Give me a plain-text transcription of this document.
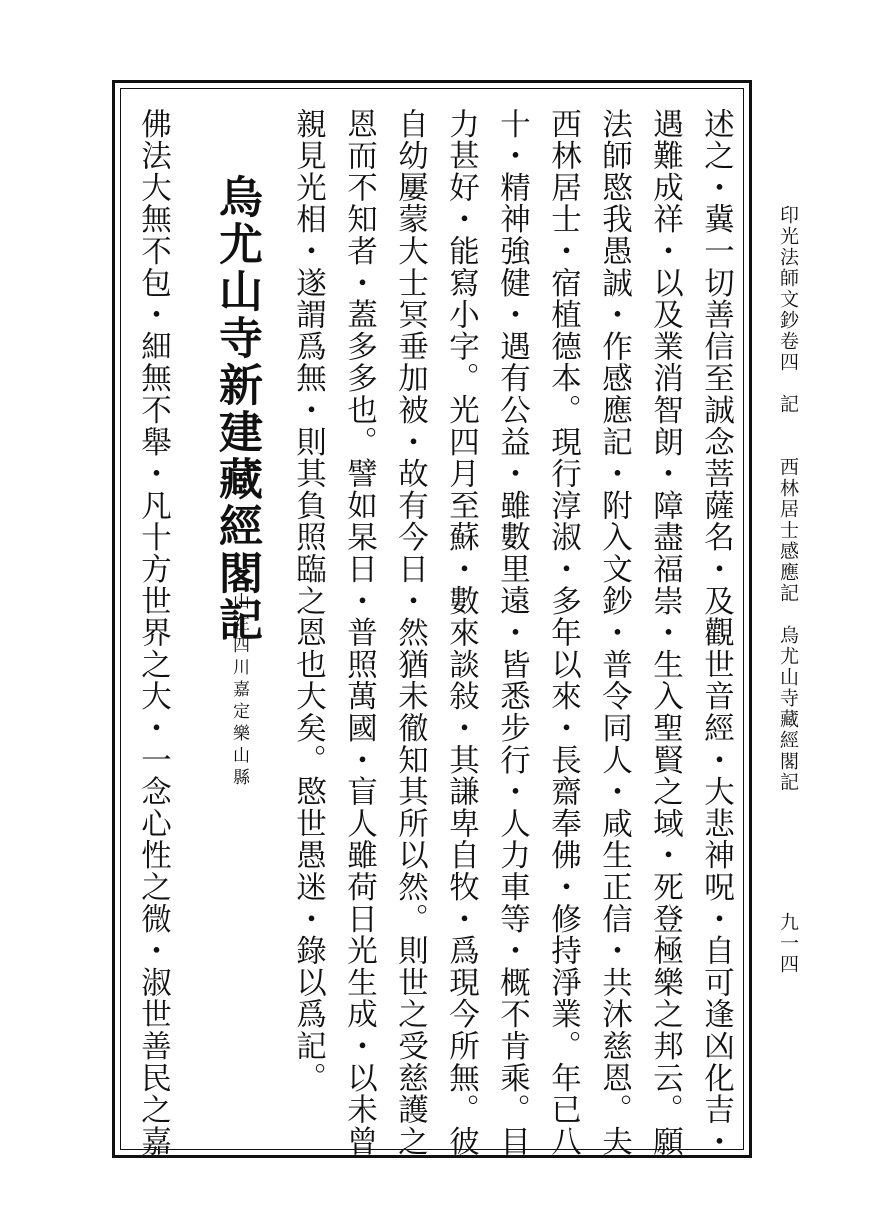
印光法師文鈔卷四　記　　西林居士感應記　烏尤山寺藏經閣記
九一四
述之・冀一切善信至誠念菩薩名・及觀世音經・大悲神呪・自可逢凶化吉・
遇難成祥・以及業消智朗・障盡福崇・生入聖賢之域・死登極樂之邦云。願
法師愍我愚誠・作感應記・附入文鈔・普令同人・咸生正信・共沐慈恩。夫
西林居士・宿植德本。現行淳淑・多年以來・長齋奉佛・修持淨業。年已八
十・精神強健・遇有公益・雖數里遠・皆悉步行・人力車等・概不肯乘。目
力甚好・能寫小字。光四月至蘇・數來談敍・其謙卑自牧・爲現今所無。彼
自幼屢蒙大士冥垂加被・故有今日・然猶未徹知其所以然。則世之受慈護之
恩而不知者・蓋多多也。譬如杲日・普照萬國・盲人雖荷日光生成・以未曾
親見光相・遂謂爲無・則其負照臨之恩也大矣。愍世愚迷・錄以爲記。
烏尤山寺新建藏經閣記
山在四川嘉定樂山縣
佛法大無不包・細無不舉・凡十方世界之大・一念心性之微・淑世善民之嘉
